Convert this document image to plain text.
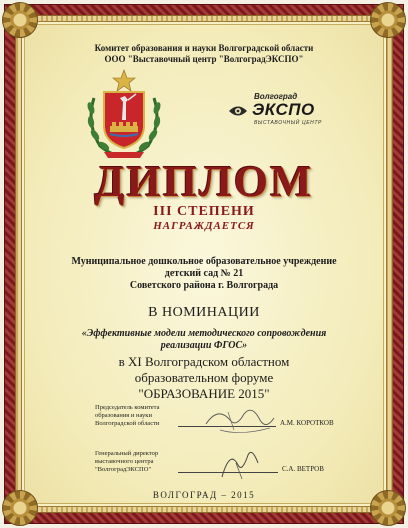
Комитет образования и науки Волгоградской области
ООО "Выставочный центр "ВолгоградЭКСПО"
Волгоград
ЭКСПО
ВЫСТАВОЧНЫЙ ЦЕНТР
ДИПЛОМ
III СТЕПЕНИ
НАГРАЖДАЕТСЯ
Муниципальное дошкольное образовательное учреждение
детский сад № 21
Советского района г. Волгограда
В НОМИНАЦИИ
«Эффективные модели методического сопровождения
реализации ФГОС»
в XI Волгоградском областном
образовательном форуме
"ОБРАЗОВАНИЕ 2015"
Председатель комитета
образования и науки
Волгоградской области	А.М. КОРОТКОВ
Генеральный директор
выставочного центра
"ВолгоградЭКСПО"	С.А. ВЕТРОВ
ВОЛГОГРАД – 2015
